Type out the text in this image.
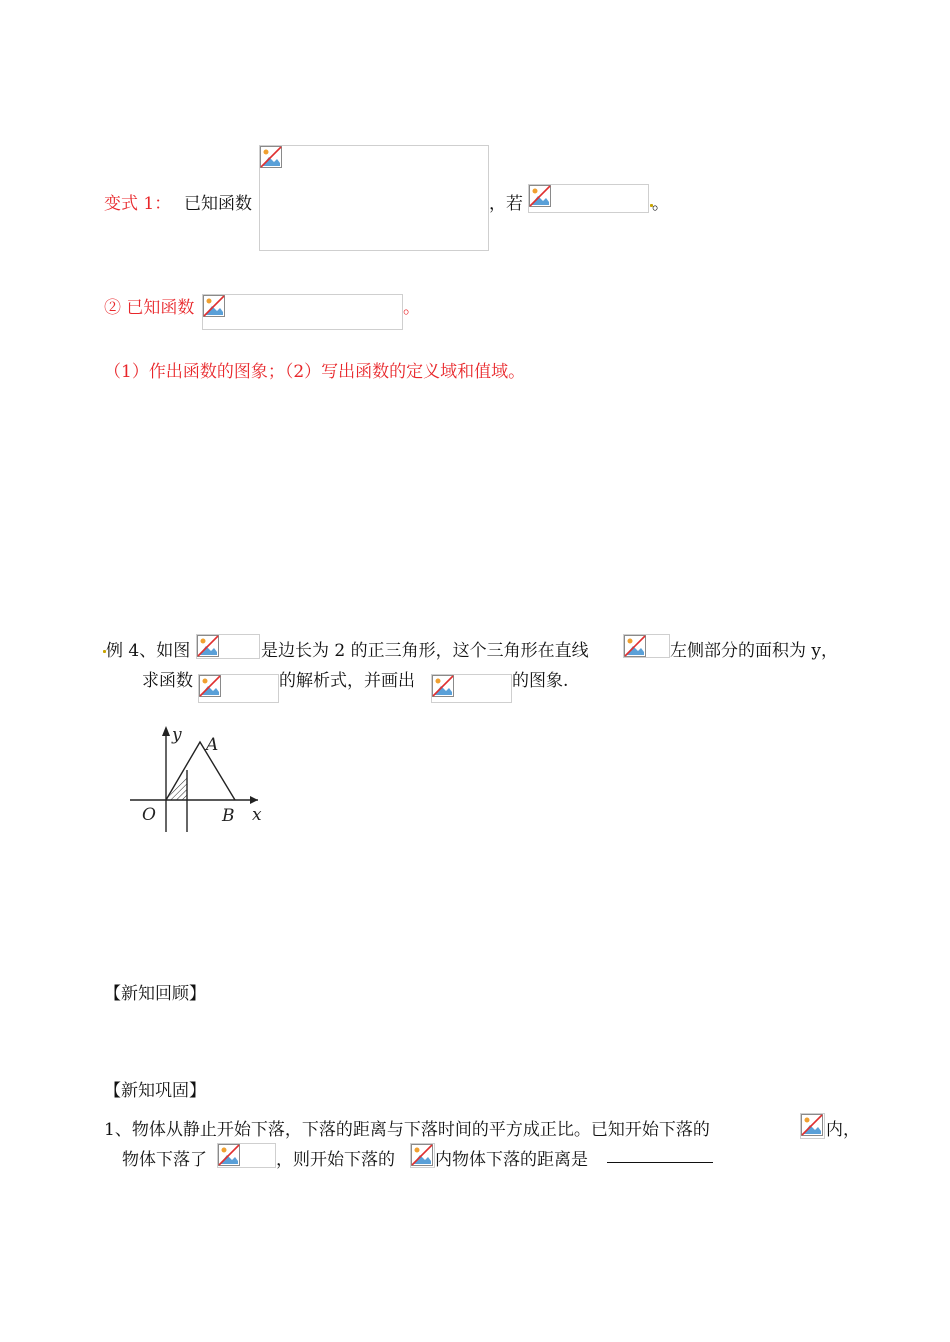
变式 1： 已知函数	，若	。
② 已知函数	。
（1）作出函数的图象；（2）写出函数的定义域和值域。
例 4、如图	是边长为 2 的正三角形，这个三角形在直线	左侧部分的面积为 y，
求函数	的解析式，并画出	的图象.
y A
O	B x
【新知回顾】
【新知巩固】
1、物体从静止开始下落，下落的距离与下落时间的平方成正比。已知开始下落的	内，
物体下落了	，则开始下落的 内物体下落的距离是
